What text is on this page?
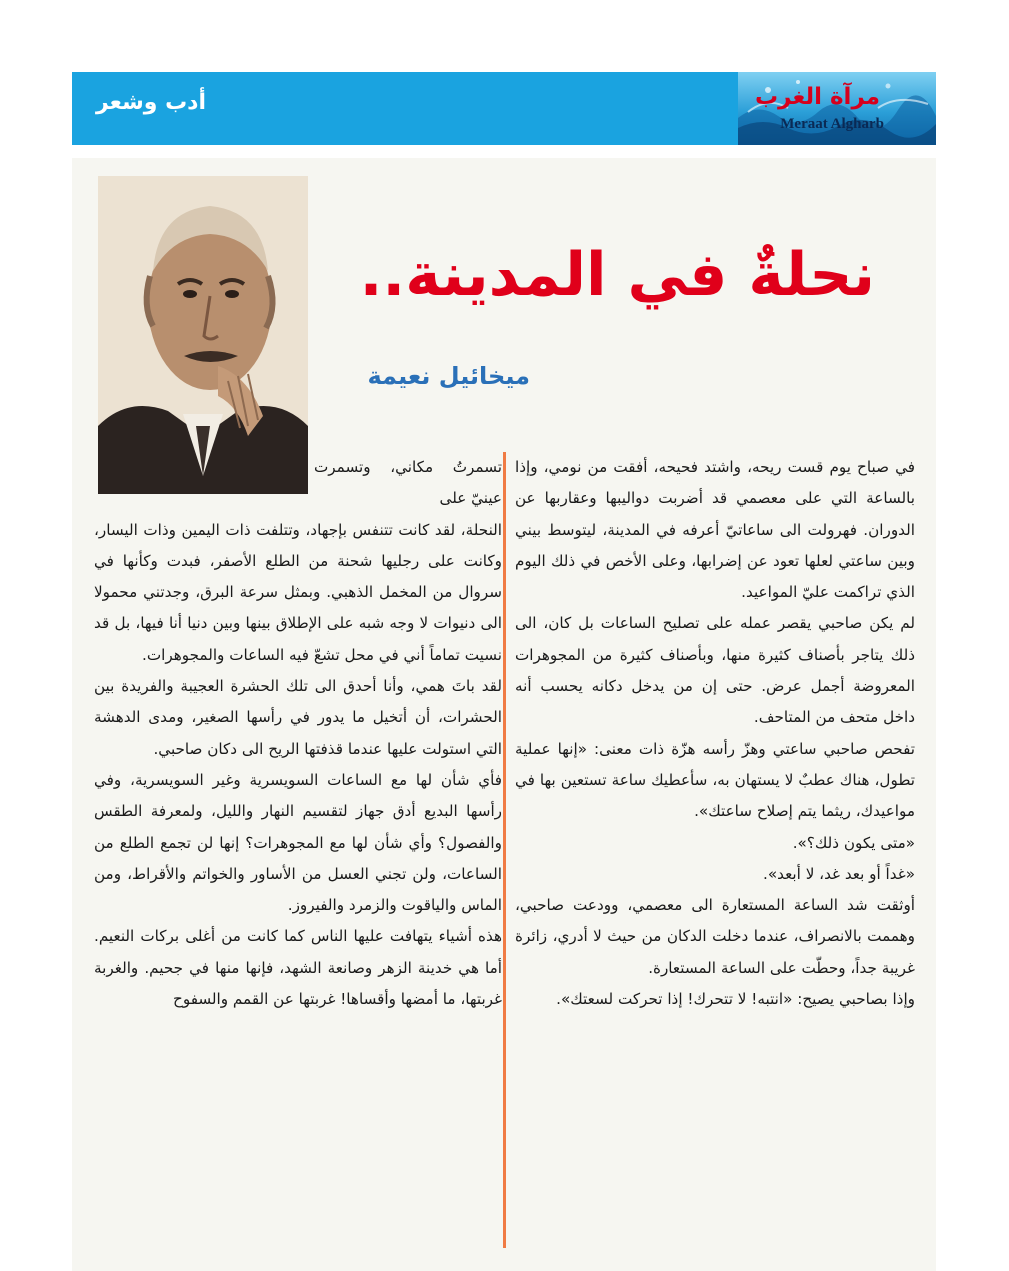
أدب وشعر	مرآة الغرب
Meraat Algharb
نحلةٌ في المدينة..
ميخائيل نعيمة

في صباح يوم قست ريحه، واشتد فحيحه، أفقت من نومي، وإذا بالساعة التي على معصمي قد أضربت دواليبها وعقاربها عن الدوران. فهرولت الى ساعاتيّ أعرفه في المدينة، ليتوسط بيني وبين ساعتي لعلها تعود عن إضرابها، وعلى الأخص في ذلك اليوم الذي تراكمت عليّ المواعيد.

لم يكن صاحبي يقصر عمله على تصليح الساعات بل كان، الى ذلك يتاجر بأصناف كثيرة منها، وبأصناف كثيرة من المجوهرات المعروضة أجمل عرض. حتى إن من يدخل دكانه يحسب أنه داخل متحف من المتاحف.

تفحص صاحبي ساعتي وهزّ رأسه هزّة ذات معنى: «إنها عملية تطول، هناك عطبٌ لا يستهان به، سأعطيك ساعة تستعين بها في مواعيدك، ريثما يتم إصلاح ساعتك».

«متى يكون ذلك؟».

«غداً أو بعد غد، لا أبعد».

أوثقت شد الساعة المستعارة الى معصمي، وودعت صاحبي، وهممت بالانصراف، عندما دخلت الدكان من حيث لا أدري، زائرة غريبة جداً، وحطّت على الساعة المستعارة.

وإذا بصاحبي يصيح: «انتبه! لا تتحرك! إذا تحركت لسعتك».

تسمرتُ مكاني، وتسمرت عينيّ على

النحلة، لقد كانت تتنفس بإجهاد، وتتلفت ذات اليمين وذات اليسار، وكانت على رجليها شحنة من الطلع الأصفر، فبدت وكأنها في سروال من المخمل الذهبي. وبمثل سرعة البرق، وجدتني محمولا الى دنيوات لا وجه شبه على الإطلاق بينها وبين دنيا أنا فيها، بل قد نسيت تماماً أني في محل تشعّ فيه الساعات والمجوهرات.

لقد باتَ همي، وأنا أحدق الى تلك الحشرة العجيبة والفريدة بين الحشرات، أن أتخيل ما يدور في رأسها الصغير، ومدى الدهشة التي استولت عليها عندما قذفتها الريح الى دكان صاحبي.

فأي شأن لها مع الساعات السويسرية وغير السويسرية، وفي رأسها البديع أدق جهاز لتقسيم النهار والليل، ولمعرفة الطقس والفصول؟ وأي شأن لها مع المجوهرات؟ إنها لن تجمع الطلع من الساعات، ولن تجني العسل من الأساور والخواتم والأقراط، ومن الماس والياقوت والزمرد والفيروز.

هذه أشياء يتهافت عليها الناس كما كانت من أغلى بركات النعيم. أما هي خدينة الزهر وصانعة الشهد، فإنها منها في جحيم. والغربة غربتها، ما أمضها وأقساها! غربتها عن القمم والسفوح
